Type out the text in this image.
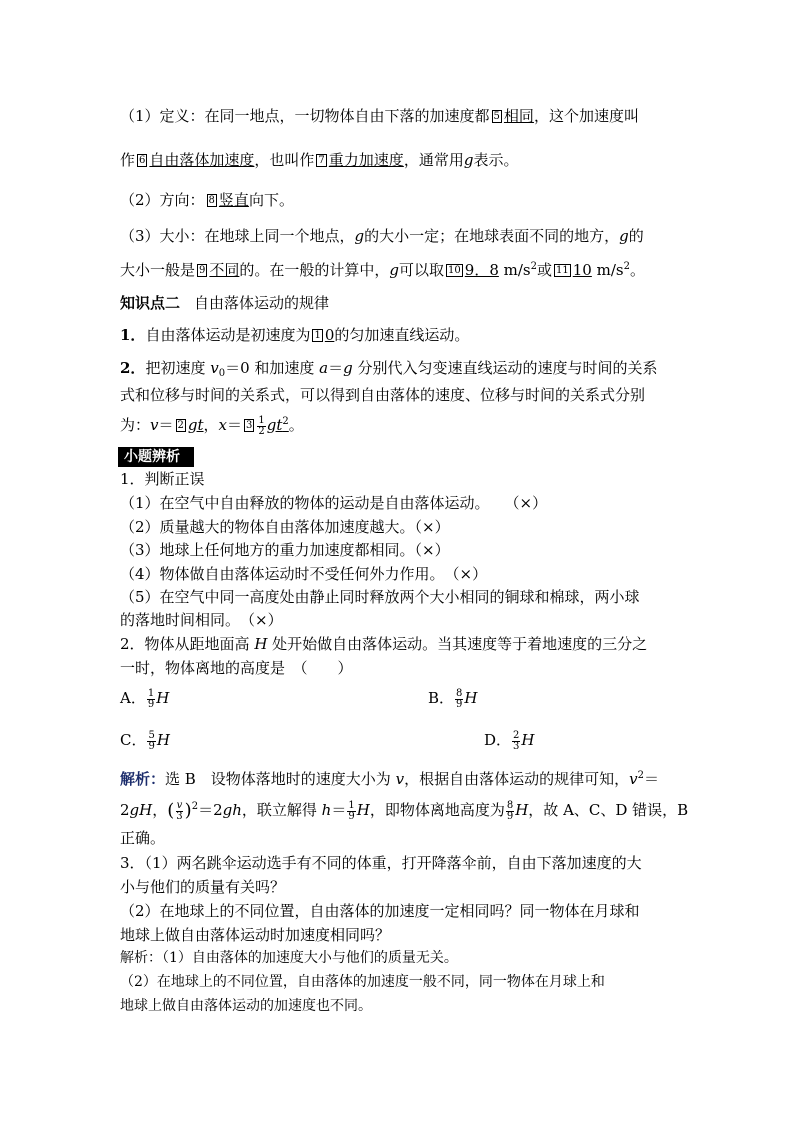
（1）定义：在同一地点，一切物体自由下落的加速度都 5 相同，这个加速度叫
作 6 自由落体加速度，也叫作 7 重力加速度，通常用g表示。
（2）方向： 8 竖直向下。
（3）大小：在地球上同一个地点，g的大小一定；在地球表面不同的地方，g的
大小一般是 9 不同的。在一般的计算中，g可以取 10 9．8 $m/s^2$或 11 10 $m/s^2$。
知识点二 自由落体运动的规律
1．自由落体运动是初速度为 1 0的匀加速直线运动。
2．把初速度 $v_0=0$ 和加速度 a＝g 分别代入匀变速直线运动的速度与时间的关系
式和位移与时间的关系式，可以得到自由落体的速度、位移与时间的关系式分别
为：v＝ 2 gt，$x= 3 \frac{1}{2} gt^2$。
小题辨析
1．判断正误
（1）在空气中自由释放的物体的运动是自由落体运动。　　（×）
（2）质量越大的物体自由落体加速度越大。（×）
（3）地球上任何地方的重力加速度都相同。（×）
（4）物体做自由落体运动时不受任何外力作用。　（×）
（5）在空气中同一高度处由静止同时释放两个大小相同的铜球和棉球，两小球
的落地时间相同。　（×）
2．物体从距地面高 H 处开始做自由落体运动。当其速度等于着地速度的三分之
一时，物体离地的高度是　（　　）
A． $\frac{1}{9}$ H	B． $\frac{8}{9}$ H
C． $\frac{5}{9}$ H	D． $\frac{2}{3}$ H
解析：选 B　设物体落地时的速度大小为 v，根据自由落体运动的规律可知，$v^2=$
2gH，( $\frac{v}{3} )^2=2gh$，联立解得 $h= \frac{1}{9}$ H，即物体离地高度为 $\frac{8}{9}$ H，故 A、C、D 错误，B
正确。
3．（1）两名跳伞运动选手有不同的体重，打开降落伞前，自由下落加速度的大
小与他们的质量有关吗？
（2）在地球上的不同位置，自由落体的加速度一定相同吗？同一物体在月球和
地球上做自由落体运动时加速度相同吗？
解析：（1）自由落体的加速度大小与他们的质量无关。
（2）在地球上的不同位置，自由落体的加速度一般不同，同一物体在月球上和
地球上做自由落体运动的加速度也不同。
